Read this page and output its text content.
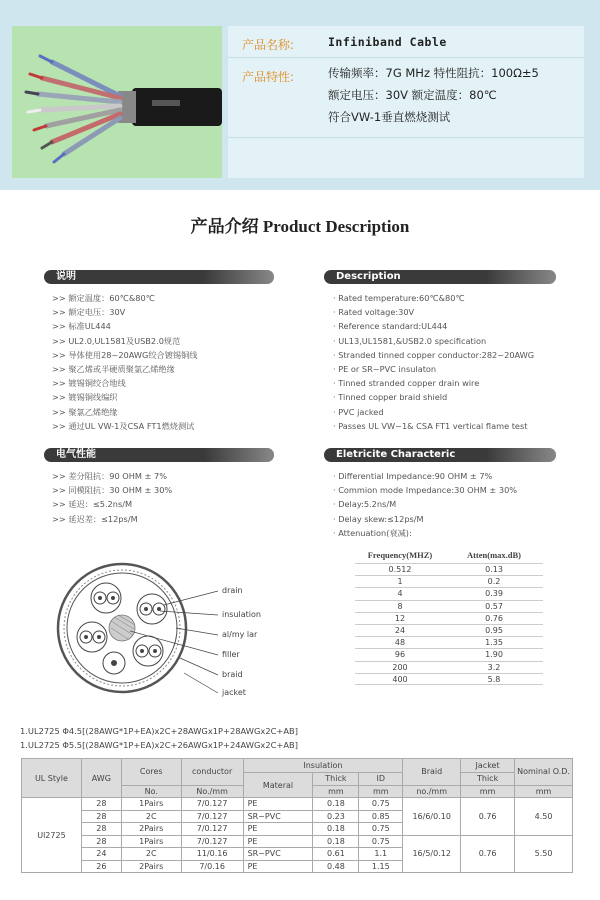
产品名称:	Infiniband Cable
产品特性:	传输频率：7G MHz 特性阻抗：100Ω±5
额定电压：30V 额定温度：80℃
符合VW-1垂直燃烧测试
产品介绍 Product Description
说明
>> 额定温度：60℃&80℃
>> 额定电压：30V
>> 标准UL444
>> UL2.0,UL1581及USB2.0规范
>> 导体使用28~20AWG绞合镀锡铜线
>> 聚乙烯或半硬质聚氯乙烯绝缘
>> 镀锡铜绞合地线
>> 镀锡铜线编织
>> 聚氯乙烯绝缘
>> 通过UL VW-1及CSA FT1燃烧测试
Description
· Rated temperature:60℃&80℃
· Rated voltage:30V
· Reference standard:UL444
· UL13,UL1581,&USB2.0 specification
· Stranded tinned copper conductor:282~20AWG
· PE or SR~PVC insulaton
· Tinned stranded copper drain wire
· Tinned copper braid shield
· PVC jacked
· Passes UL VW~1& CSA FT1 vertical flame test
电气性能
>> 差分阻抗：90 OHM ± 7%
>> 同模阻抗：30 OHM ± 30%
>> 延迟：≤5.2ns/M
>> 延迟差：≤12ps/M
Eletricite Characteric
· Differential Impedance:90 OHM ± 7%
· Commion mode Impedance:30 OHM ± 30%
· Delay:5.2ns/M
· Delay skew:≤12ps/M
· Attenuation(衰减):
Frequency(MHZ)	Atten(max.dB)
0.512	0.13
1	0.2
4	0.39
8	0.57
12	0.76
24	0.95
48	1.35
96	1.90
200	3.2
400	5.8
drain
insulation
al/my lar
filler
braid
jacket
1.UL2725 Φ4.5[(28AWG*1P+EA)x2C+28AWGx1P+28AWGx2C+AB]
1.UL2725 Φ5.5[(28AWG*1P+EA)x2C+26AWGx1P+24AWGx2C+AB]
UL Style	AWG	Cores	conductor	Insulation			Braid	Jacket	Nominal O.D.
				Materal	Thick	ID		Thick	
		No.	No./mm		mm	mm	no./mm	mm	mm
Ul2725	28	1Pairs	7/0.127	PE	0.18	0.75	16/6/0.10	0.76	4.50
	28	2C	7/0.127	SR~PVC	0.23	0.85			
	28	2Pairs	7/0.127	PE	0.18	0.75			
	28	1Pairs	7/0.127	PE	0.18	0.75	16/5/0.12	0.76	5.50
	24	2C	11/0.16	SR~PVC	0.61	1.1			
	26	2Pairs	7/0.16	PE	0.48	1.15			
